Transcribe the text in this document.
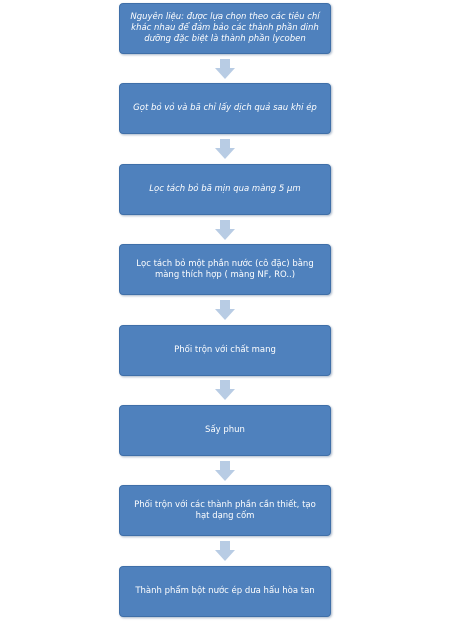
Nguyên liệu: được lựa chọn theo các tiêu chí khác nhau để đảm bảo các thành phần dinh dưỡng đặc biệt là thành phần lycoben
Gọt bỏ vỏ và bã chỉ lấy dịch quả sau khi ép
Lọc tách bỏ bã mịn qua màng 5 μm
Lọc tách bỏ một phần nước (cô đặc) bằng màng thích hợp ( màng NF, RO..)
Phối trộn với chất mang
Sấy phun
Phối trộn với các thành phần cần thiết, tạo hạt dạng cốm
Thành phẩm bột nước ép dưa hấu hòa tan
